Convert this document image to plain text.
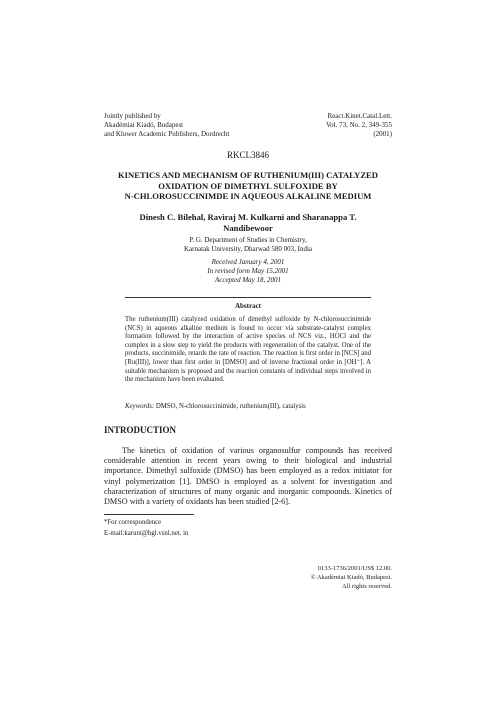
Jointly published by
Akadémiai Kiadó, Budapest
and Kluwer Academic Publishers, Dordrecht
React.Kinet.Catal.Lett.
Vol. 73, No. 2, 349-355
(2001)
RKCL3846
KINETICS AND MECHANISM OF RUTHENIUM(III) CATALYZED
OXIDATION OF DIMETHYL SULFOXIDE BY
N-CHLOROSUCCINIMDE IN AQUEOUS ALKALINE MEDIUM
Dinesh C. Bilehal, Raviraj M. Kulkarni and Sharanappa T.
Nandibewoor
P. G. Department of Studies in Chemistry,
Karnatak University, Dharwad 580 003, India
Received January 4, 2001
In revised form May 15,2001
Accepted May 18, 2001
Abstract
The ruthenium(III) catalyzed oxidation of dimethyl sulfoxide by N-chlorosuccinimide (NCS) in aqueous alkaline medium is found to occur via substrate-catalyst complex formation followed by the interaction of active species of NCS viz., HOCl and the complex in a slow step to yield the products with regeneration of the catalyst. One of the products, succinimide, retards the rate of reaction. The reaction is first order in [NCS] and [Ru(III)], lower than first order in [DMSO] and of inverse fractional order in [OH⁻]. A suitable mechanism is proposed and the reaction constants of individual steps involved in the mechanism have been evaluated.
Keywords: DMSO, N-chlorosuccinimide, ruthenium(III), catalysis
INTRODUCTION
The kinetics of oxidation of various organosulfur compounds has received considerable attention in recent years owing to their biological and industrial importance. Dimethyl sulfoxide (DMSO) has been employed as a redox initiator for vinyl polymerization [1]. DMSO is employed as a solvent for investigation and characterization of structures of many organic and inorganic compounds. Kinetics of DMSO with a variety of oxidants has been studied [2-6].
*For correspondence
E-mail:karuni@bgl.vsnl.net. in
0133-1736/2001/US$ 12.00.
© Akadémiai Kiadó, Budapest.
All rights reserved.
